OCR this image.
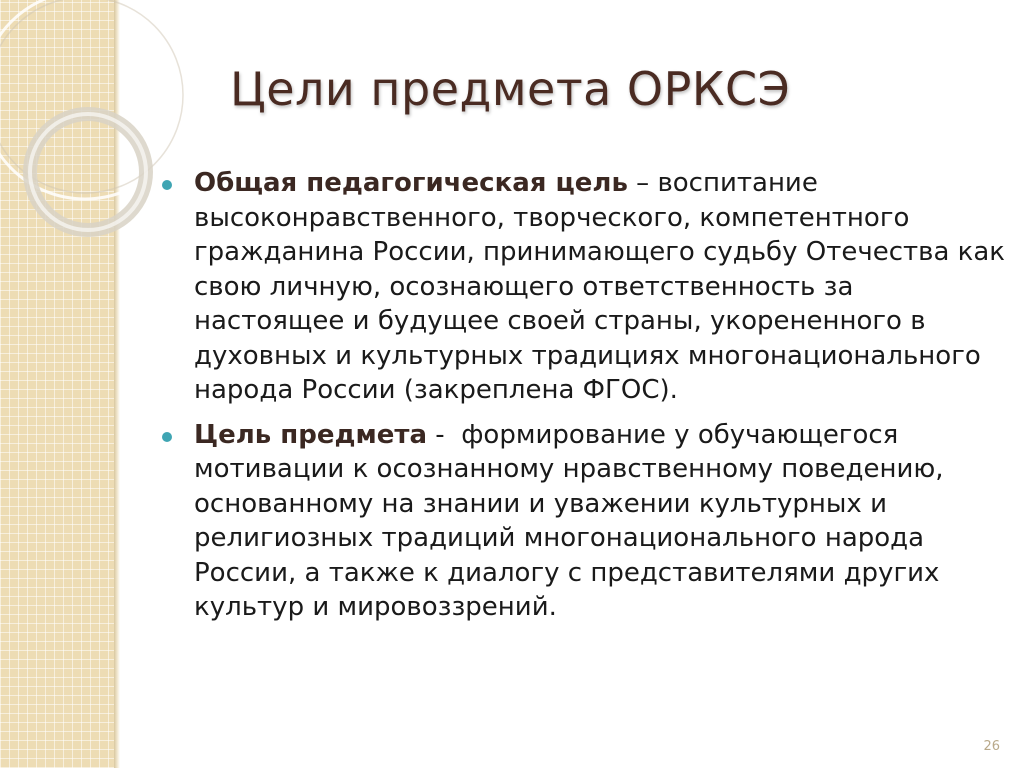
Цели предмета ОРКСЭ
Общая педагогическая цель – воспитание высоконравственного, творческого, компетентного гражданина России, принимающего судьбу Отечества как свою личную, осознающего ответственность за настоящее и будущее своей страны, укорененного в духовных и культурных традициях многонационального народа России (закреплена ФГОС).
Цель предмета -  формирование у обучающегося мотивации к осознанному нравственному поведению, основанному на знании и уважении культурных и религиозных традиций многонационального народа России, а также к диалогу с представителями других культур и мировоззрений.
26
